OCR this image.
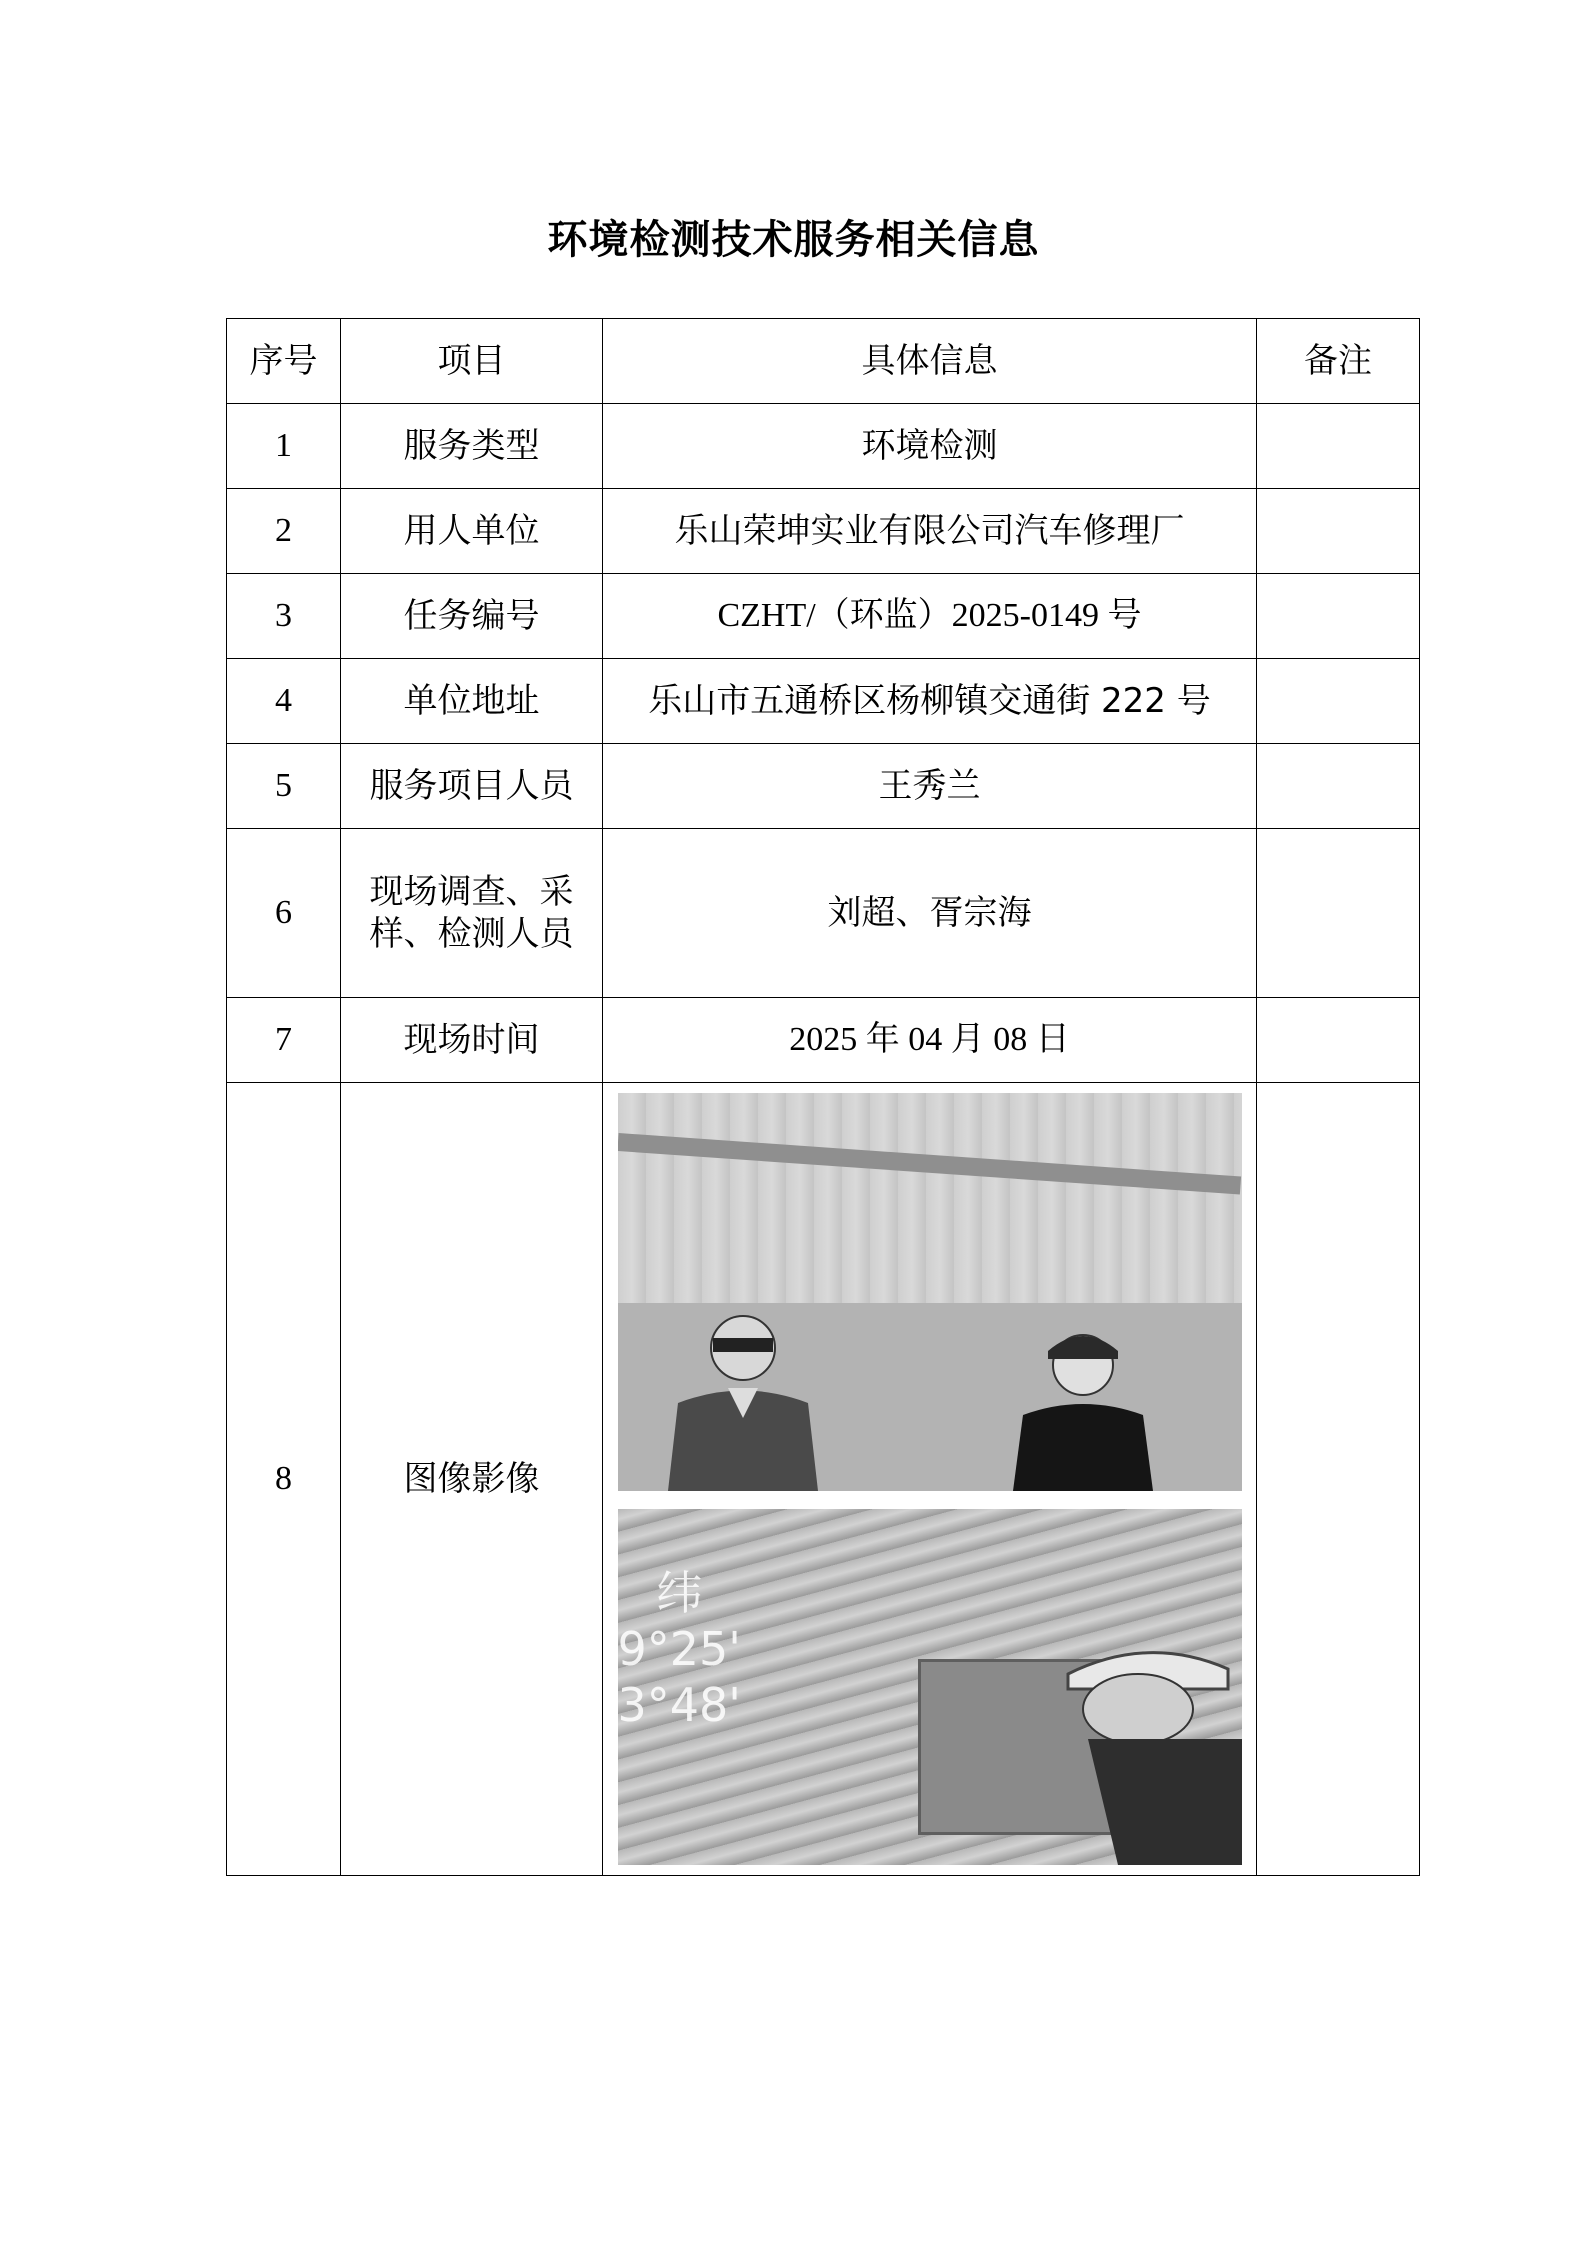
环境检测技术服务相关信息
序号	项目	具体信息	备注
1	服务类型	环境检测	
2	用人单位	乐山荣坤实业有限公司汽车修理厂	
3	任务编号	CZHT/（环监）2025-0149 号	
4	单位地址	乐山市五通桥区杨柳镇交通街 222 号	
5	服务项目人员	王秀兰	
6	现场调查、采
样、检测人员	刘超、胥宗海	
7	现场时间	2025 年 04 月 08 日	
8	图像影像	纬
9°25'
3°48'	
